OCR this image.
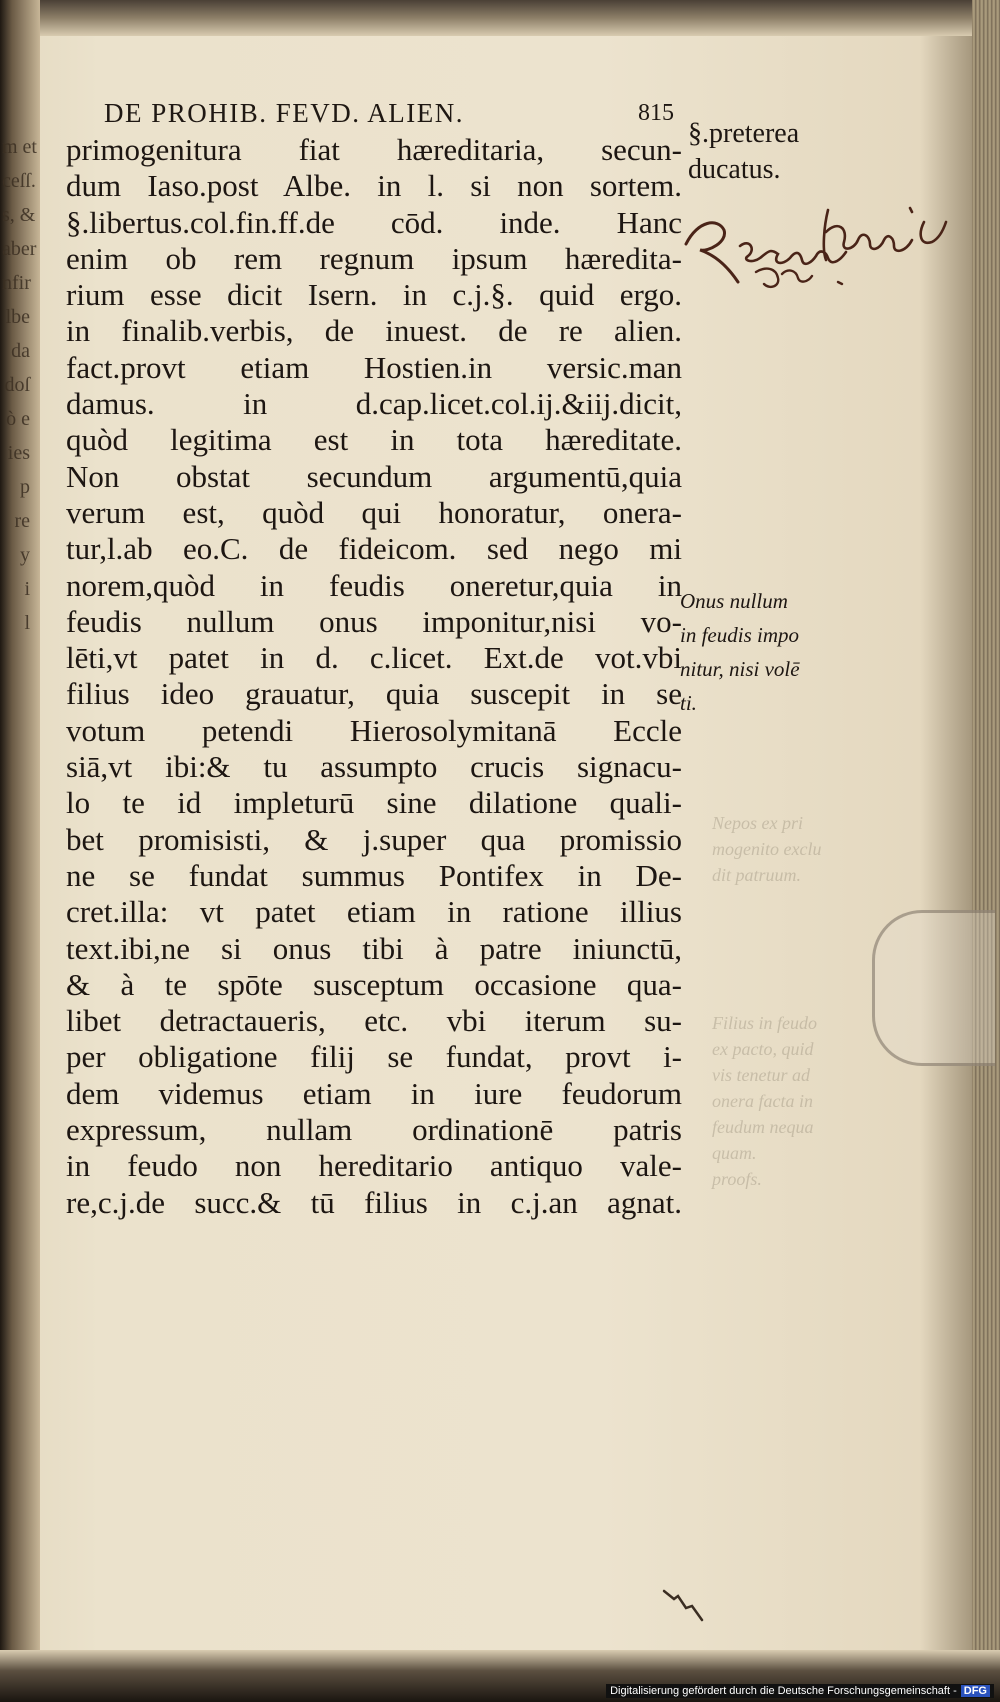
m et
ceſſ.
s, &
aber
nfir
lbe
da
doſ
ò e
ies
p
re
y
i
l
DE PROHIB. FEVD. ALIEN.	815
primogenitura fiat hæreditaria, secun-
dum Iaso.post Albe. in l. si non sortem.
§.libertus.col.fin.ff.de cōd. inde. Hanc
enim ob rem regnum ipsum hæredita-
rium esse dicit Isern. in c.j.§. quid ergo.
in finalib.verbis, de inuest. de re alien.
fact.provt etiam Hostien.in versic.man
damus. in d.cap.licet.col.ij.&iij.dicit,
quòd legitima est in tota hæreditate.
Non obstat secundum argumentū,quia
verum est, quòd qui honoratur, onera-
tur,l.ab eo.C. de fideicom. sed nego mi
norem,quòd in feudis oneretur,quia in
feudis nullum onus imponitur,nisi vo-
lēti,vt patet in d. c.licet. Ext.de vot.vbi
filius ideo grauatur, quia suscepit in se
votum petendi Hierosolymitanā Eccle
siā,vt ibi:& tu assumpto crucis signacu-
lo te id impleturū sine dilatione quali-
bet promisisti, & j.super qua promissio
ne se fundat summus Pontifex in De-
cret.illa: vt patet etiam in ratione illius
text.ibi,ne si onus tibi à patre iniunctū,
& à te spōte susceptum occasione qua-
libet detractaueris, etc. vbi iterum su-
per obligatione filij se fundat, provt i-
dem videmus etiam in iure feudorum
expressum, nullam ordinationē patris
in feudo non hereditario antiquo vale-
re,c.j.de succ.& tū filius in c.j.an agnat.
§.preterea
ducatus.
Onus nullum
in feudis impo
nitur, nisi volē
ti.
Nepos ex pri
mogenito exclu
dit patruum.
Filius in feudo
ex pacto, quid
vis tenetur ad
onera facta in
feudum nequa
quam.
proofs.
Digitalisierung gefördert durch die Deutsche Forschungsgemeinschaft - DFG
